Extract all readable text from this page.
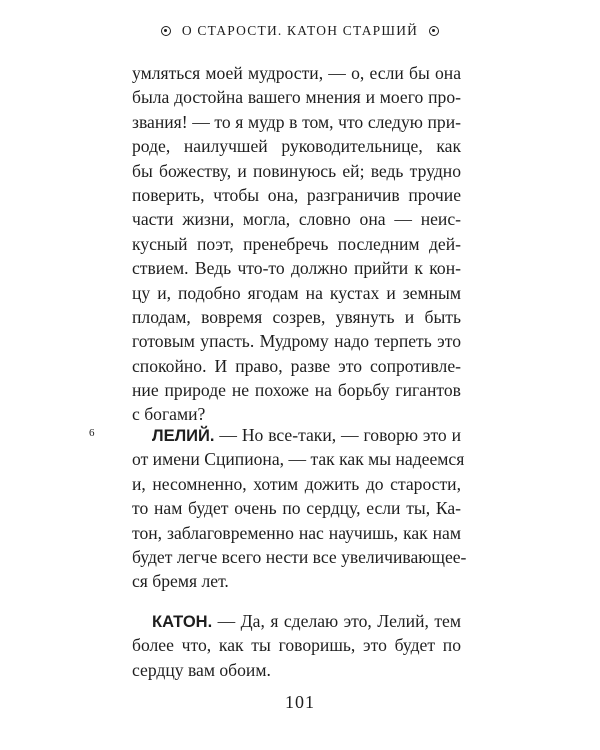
О СТАРОСТИ. КАТОН СТАРШИЙ
умляться моей мудрости, — о, если бы она
была достойна вашего мнения и моего про-
звания! — то я мудр в том, что следую при-
роде, наилучшей руководительнице, как
бы божеству, и повинуюсь ей; ведь трудно
поверить, чтобы она, разграничив прочие
части жизни, могла, словно она — неис-
кусный поэт, пренебречь последним дей-
ствием. Ведь что-то должно прийти к кон-
цу и, подобно ягодам на кустах и земным
плодам, вовремя созрев, увянуть и быть
готовым упасть. Мудрому надо терпеть это
спокойно. И право, разве это сопротивле-
ние природе не похоже на борьбу гигантов
с богами?
6	ЛЕЛИЙ. — Но все-таки, — говорю это и
от имени Сципиона, — так как мы надеемся
и, несомненно, хотим дожить до старости,
то нам будет очень по сердцу, если ты, Ка-
тон, заблаговременно нас научишь, как нам
будет легче всего нести все увеличивающее-
ся бремя лет.
КАТОН. — Да, я сделаю это, Лелий, тем
более что, как ты говоришь, это будет по
сердцу вам обоим.
101
